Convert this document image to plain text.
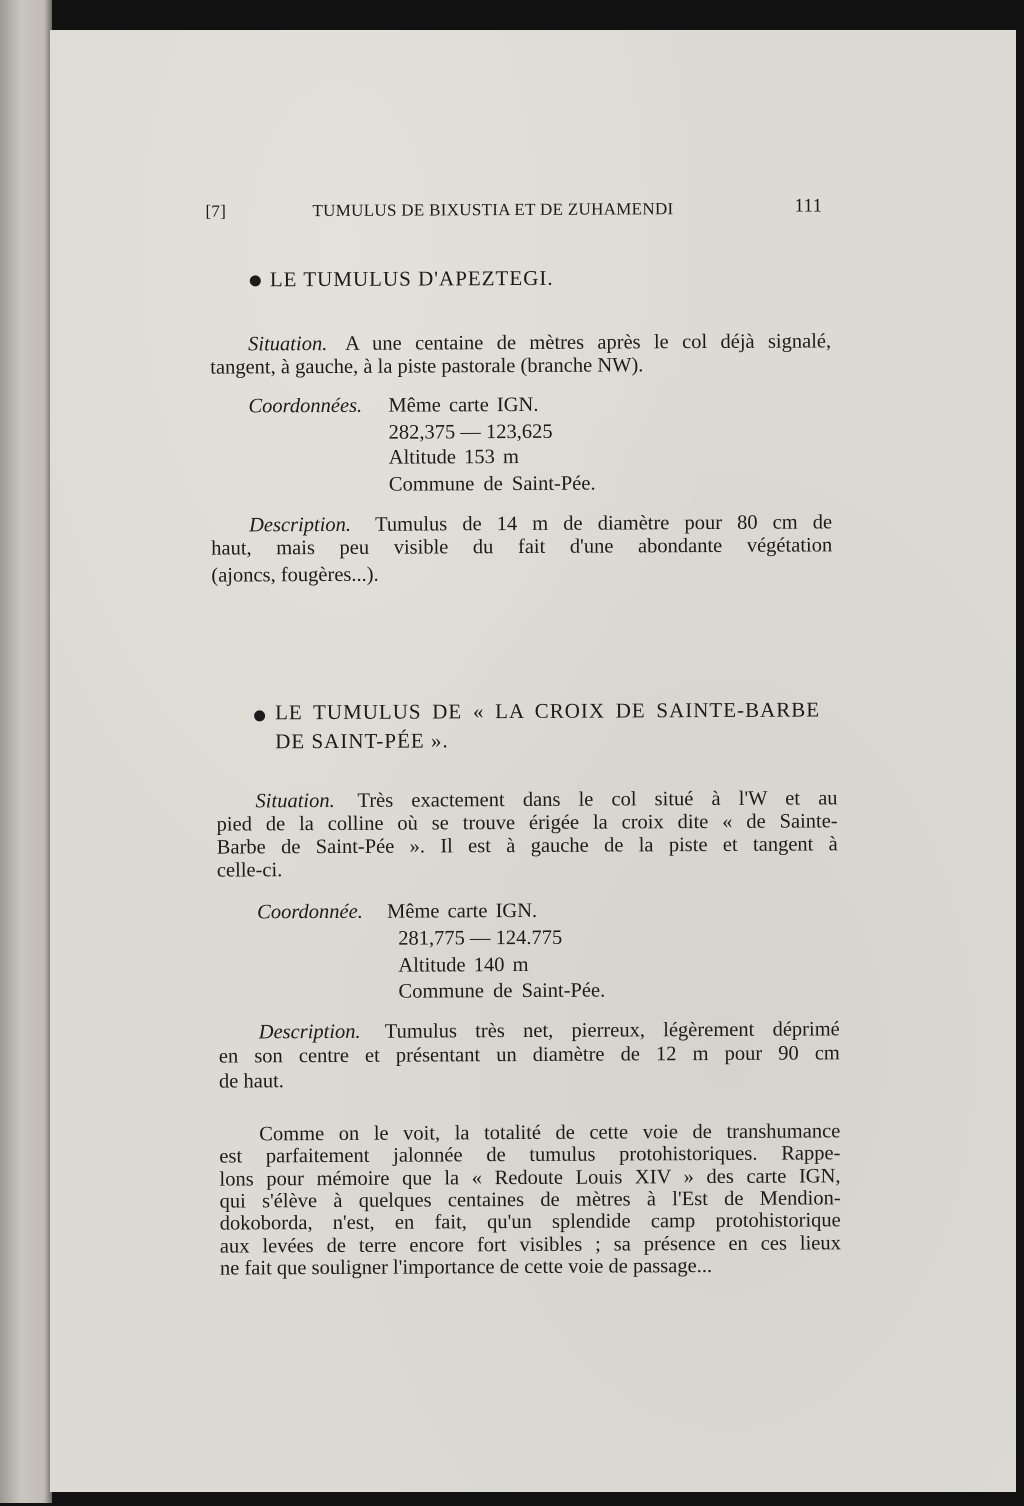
[7]	TUMULUS DE BIXUSTIA ET DE ZUHAMENDI	111
LE TUMULUS D'APEZTEGI.
Situation. A une centaine de mètres après le col déjà signalé,
tangent, à gauche, à la piste pastorale (branche NW).
Coordonnées. Même carte IGN.
282,375 — 123,625
Altitude 153 m
Commune de Saint-Pée.
Description. Tumulus de 14 m de diamètre pour 80 cm de
haut, mais peu visible du fait d'une abondante végétation
(ajoncs, fougères...).
LE TUMULUS DE « LA CROIX DE SAINTE-BARBE
DE SAINT-PÉE ».
Situation. Très exactement dans le col situé à l'W et au
pied de la colline où se trouve érigée la croix dite « de Sainte-
Barbe de Saint-Pée ». Il est à gauche de la piste et tangent à
celle-ci.
Coordonnée. Même carte IGN.
281,775 — 124.775
Altitude 140 m
Commune de Saint-Pée.
Description. Tumulus très net, pierreux, légèrement déprimé
en son centre et présentant un diamètre de 12 m pour 90 cm
de haut.
Comme on le voit, la totalité de cette voie de transhumance
est parfaitement jalonnée de tumulus protohistoriques. Rappe-
lons pour mémoire que la « Redoute Louis XIV » des carte IGN,
qui s'élève à quelques centaines de mètres à l'Est de Mendion-
dokoborda, n'est, en fait, qu'un splendide camp protohistorique
aux levées de terre encore fort visibles ; sa présence en ces lieux
ne fait que souligner l'importance de cette voie de passage...
